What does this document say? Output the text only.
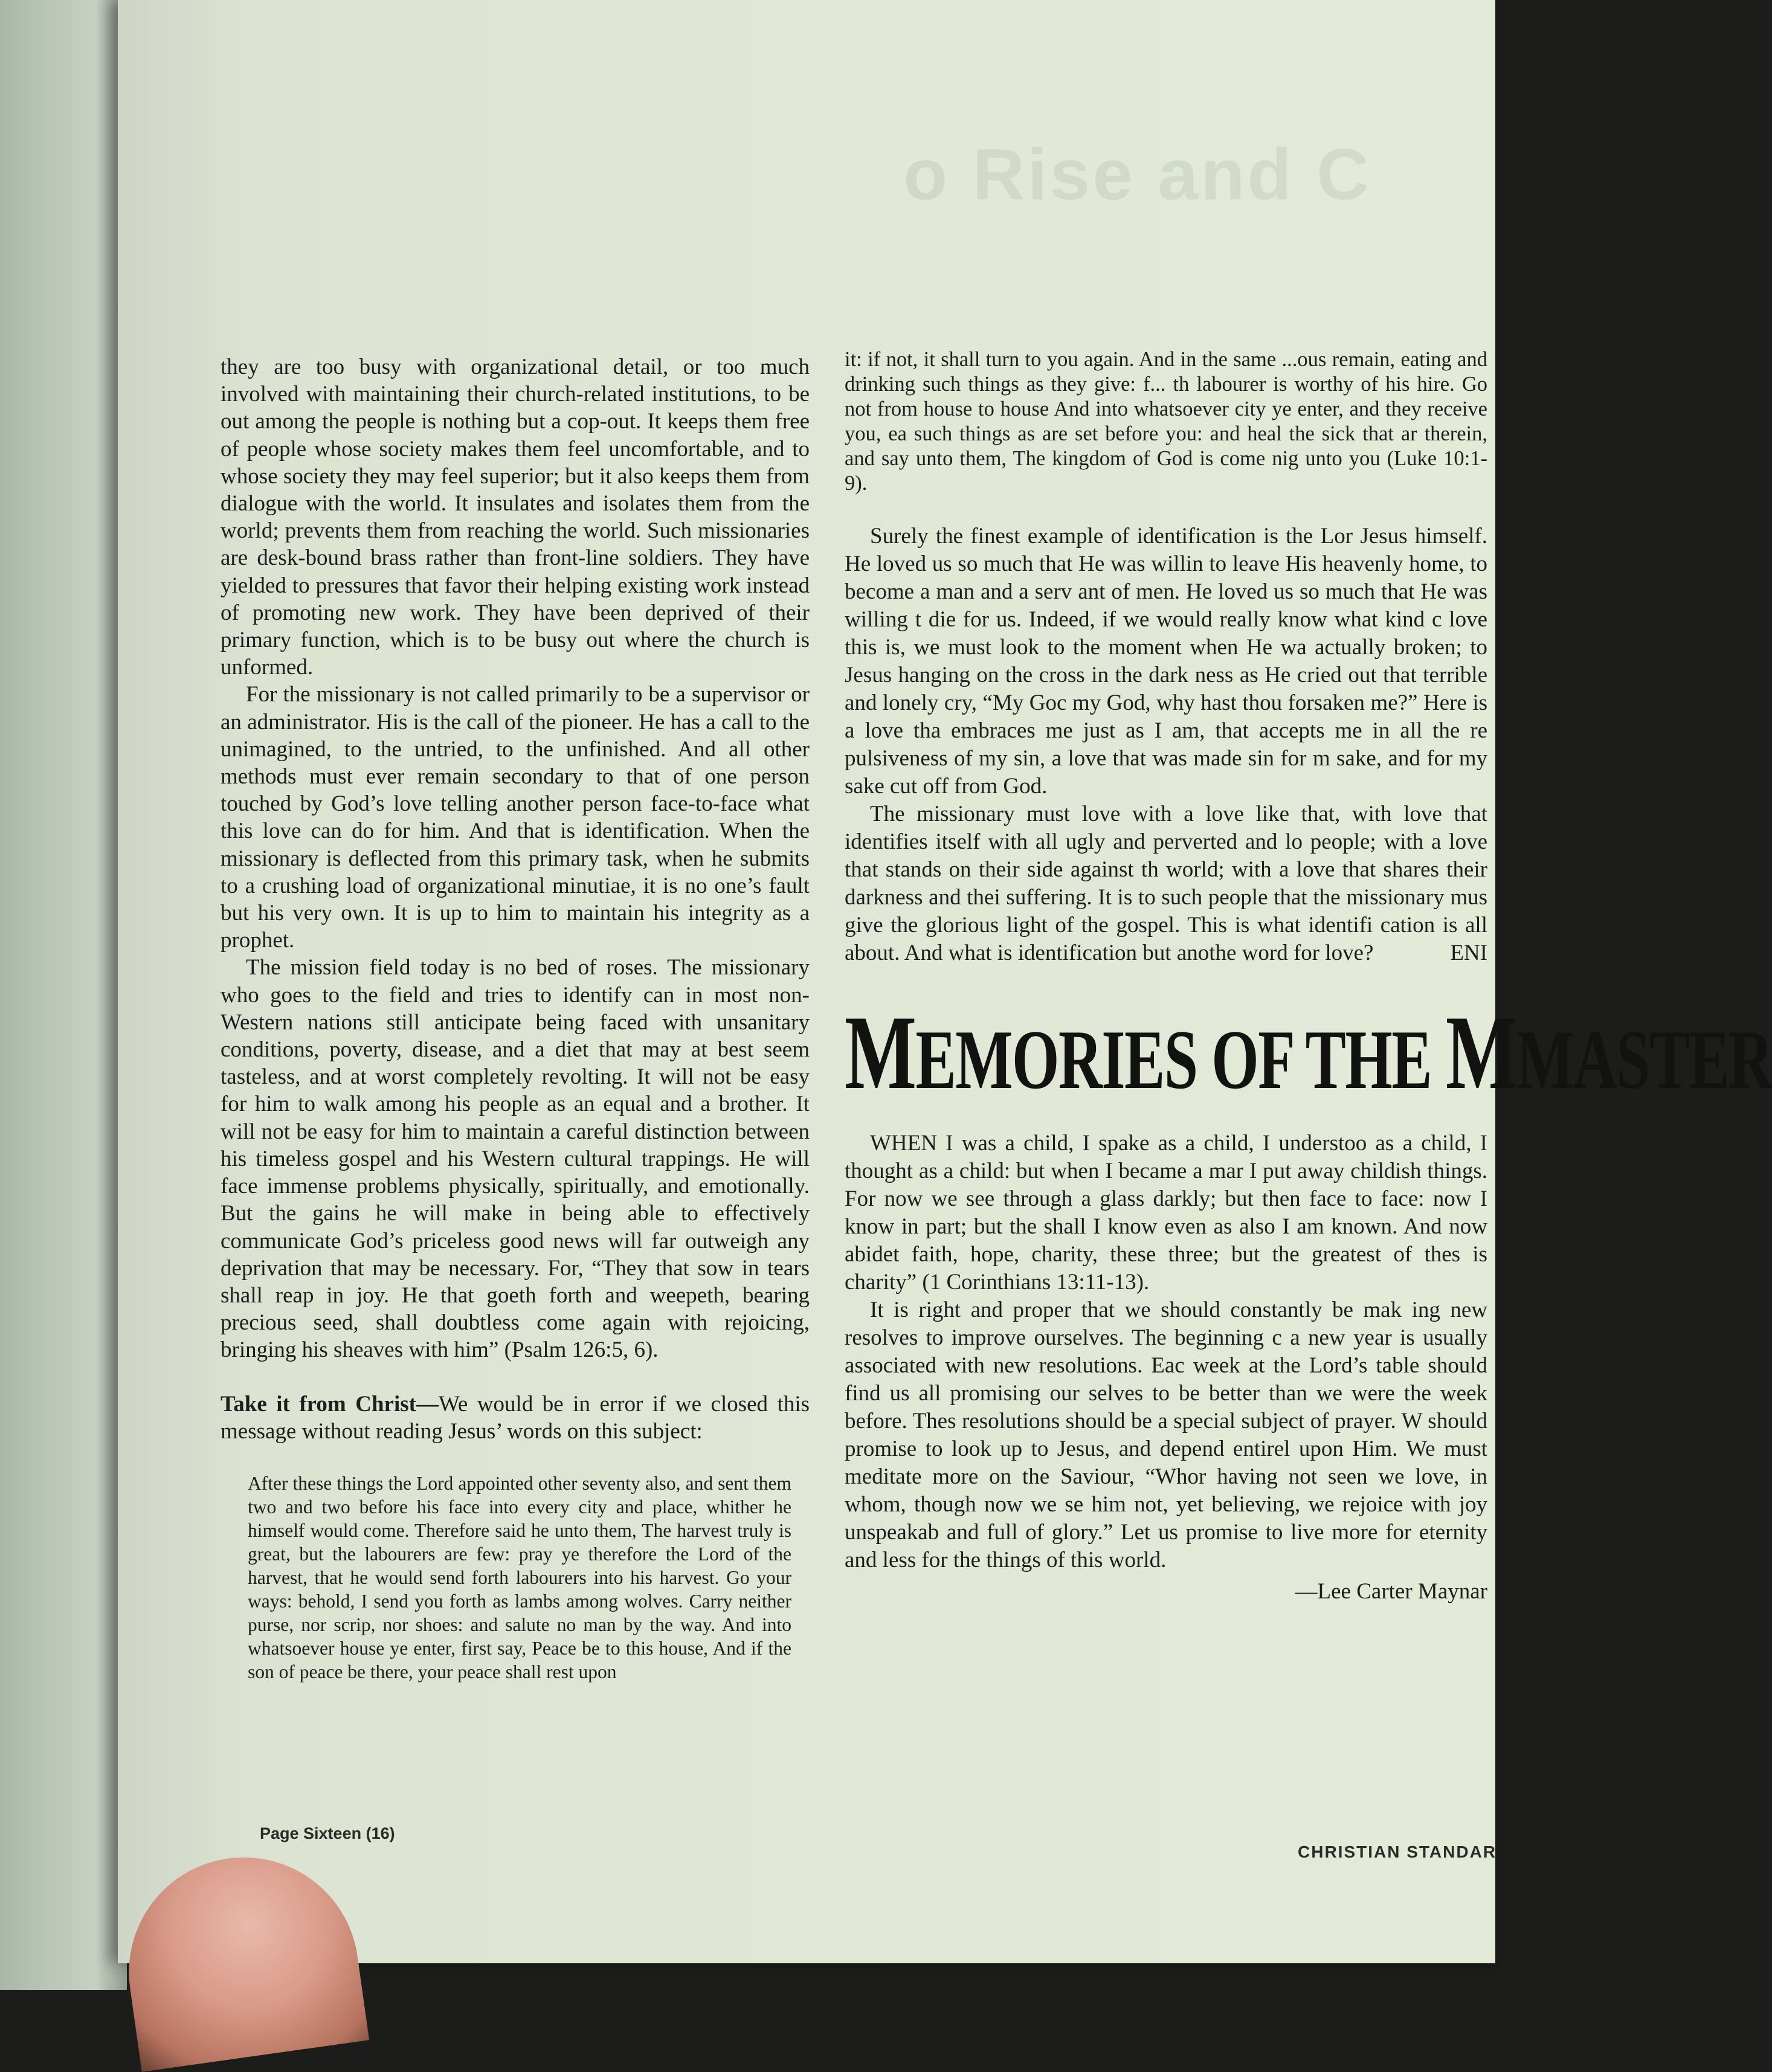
o Rise and C

they are too busy with organizational detail, or too much involved with maintaining their church-related institutions, to be out among the people is nothing but a cop-out. It keeps them free of people whose society makes them feel uncomfortable, and to whose society they may feel superior; but it also keeps them from dialogue with the world. It insulates and isolates them from the world; prevents them from reaching the world. Such missionaries are desk-bound brass rather than front-line soldiers. They have yielded to pressures that favor their helping existing work instead of promoting new work. They have been deprived of their primary function, which is to be busy out where the church is unformed.

For the missionary is not called primarily to be a supervisor or an administrator. His is the call of the pioneer. He has a call to the unimagined, to the untried, to the unfinished. And all other methods must ever remain secondary to that of one person touched by God’s love telling another person face-to-face what this love can do for him. And that is identification. When the missionary is deflected from this primary task, when he submits to a crushing load of organizational minutiae, it is no one’s fault but his very own. It is up to him to maintain his integrity as a prophet.

The mission field today is no bed of roses. The missionary who goes to the field and tries to identify can in most non-Western nations still anticipate being faced with unsanitary conditions, poverty, disease, and a diet that may at best seem tasteless, and at worst completely revolting. It will not be easy for him to walk among his people as an equal and a brother. It will not be easy for him to maintain a careful distinction between his timeless gospel and his Western cultural trappings. He will face immense problems physically, spiritually, and emotionally. But the gains he will make in being able to effectively communicate God’s priceless good news will far outweigh any deprivation that may be necessary. For, “They that sow in tears shall reap in joy. He that goeth forth and weepeth, bearing precious seed, shall doubtless come again with rejoicing, bringing his sheaves with him” (Psalm 126:5, 6).

Take it from Christ—We would be in error if we closed this message without reading Jesus’ words on this subject:

After these things the Lord appointed other seventy also, and sent them two and two before his face into every city and place, whither he himself would come. Therefore said he unto them, The harvest truly is great, but the labourers are few: pray ye therefore the Lord of the harvest, that he would send forth labourers into his harvest. Go your ways: behold, I send you forth as lambs among wolves. Carry neither purse, nor scrip, nor shoes: and salute no man by the way. And into whatsoever house ye enter, first say, Peace be to this house, And if the son of peace be there, your peace shall rest upon

it: if not, it shall turn to you again. And in the same ...ous remain, eating and drinking such things as they give: f... th labourer is worthy of his hire. Go not from house to house And into whatsoever city ye enter, and they receive you, ea such things as are set before you: and heal the sick that ar therein, and say unto them, The kingdom of God is come nig unto you (Luke 10:1-9).

Surely the finest example of identification is the Lor Jesus himself. He loved us so much that He was willin to leave His heavenly home, to become a man and a serv ant of men. He loved us so much that He was willing t die for us. Indeed, if we would really know what kind c love this is, we must look to the moment when He wa actually broken; to Jesus hanging on the cross in the dark ness as He cried out that terrible and lonely cry, “My Goc my God, why hast thou forsaken me?” Here is a love tha embraces me just as I am, that accepts me in all the re pulsiveness of my sin, a love that was made sin for m sake, and for my sake cut off from God.

The missionary must love with a love like that, with love that identifies itself with all ugly and perverted and lo people; with a love that stands on their side against th world; with a love that shares their darkness and thei suffering. It is to such people that the missionary mus give the glorious light of the gospel. This is what identifi cation is all about. And what is identification but anothe word for love?	ENI

MEMORIES OF THE MMASTER

WHEN I was a child, I spake as a child, I understoo as a child, I thought as a child: but when I became a mar I put away childish things. For now we see through a glass darkly; but then face to face: now I know in part; but the shall I know even as also I am known. And now abidet faith, hope, charity, these three; but the greatest of thes is charity” (1 Corinthians 13:11-13).

It is right and proper that we should constantly be mak ing new resolves to improve ourselves. The beginning c a new year is usually associated with new resolutions. Eac week at the Lord’s table should find us all promising our selves to be better than we were the week before. Thes resolutions should be a special subject of prayer. W should promise to look up to Jesus, and depend entirel upon Him. We must meditate more on the Saviour, “Whor having not seen we love, in whom, though now we se him not, yet believing, we rejoice with joy unspeakab and full of glory.” Let us promise to live more for eternity and less for the things of this world.

—Lee Carter Maynar
Page Sixteen (16)
CHRISTIAN STANDAR
